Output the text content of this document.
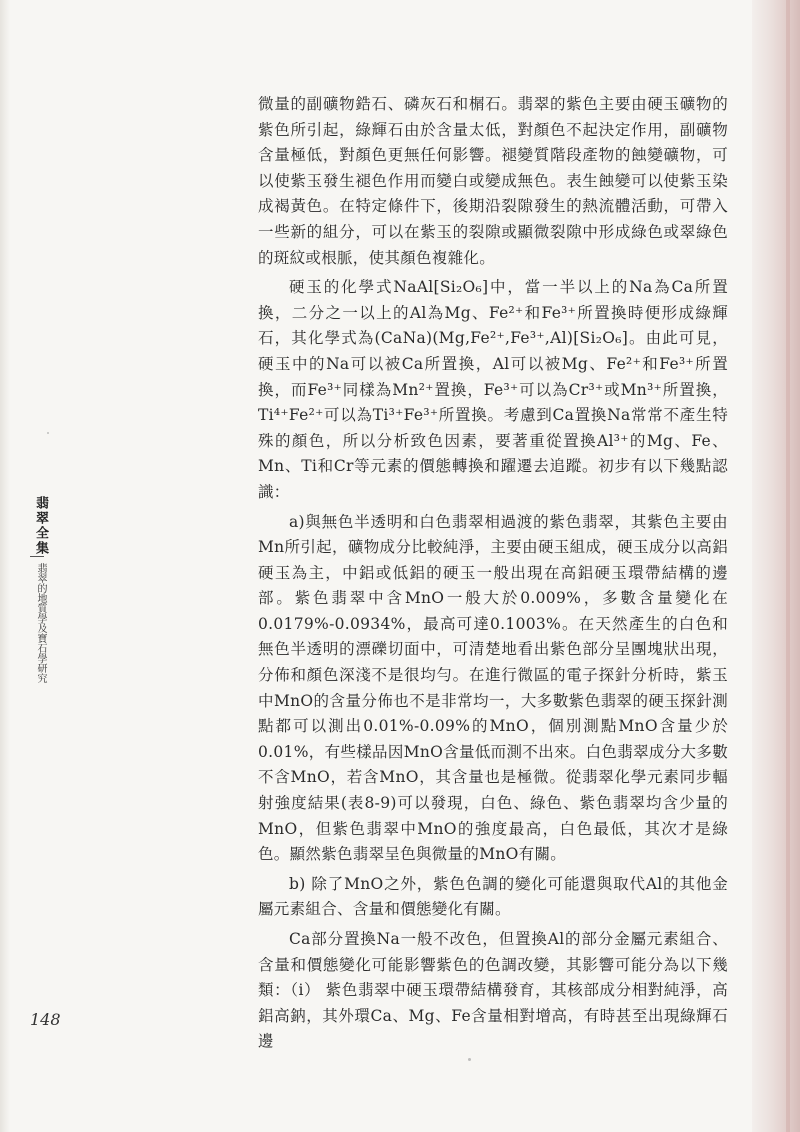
微量的副礦物鋯石、磷灰石和榍石。翡翠的紫色主要由硬玉礦物的紫色所引起，綠輝石由於含量太低，對顏色不起決定作用，副礦物含量極低，對顏色更無任何影響。褪變質階段產物的蝕變礦物，可以使紫玉發生褪色作用而變白或變成無色。表生蝕變可以使紫玉染成褐黃色。在特定條件下，後期沿裂隙發生的熱流體活動，可帶入一些新的組分，可以在紫玉的裂隙或顯微裂隙中形成綠色或翠綠色的斑紋或根脈，使其顏色複雜化。

硬玉的化學式NaAl[Si₂O₆]中，當一半以上的Na為Ca所置換，二分之一以上的Al為Mg、Fe²⁺和Fe³⁺所置換時便形成綠輝石，其化學式為(CaNa)(Mg,Fe²⁺,Fe³⁺,Al)[Si₂O₆]。由此可見，硬玉中的Na可以被Ca所置換，Al可以被Mg、Fe²⁺和Fe³⁺所置換，而Fe³⁺同樣為Mn²⁺置換，Fe³⁺可以為Cr³⁺或Mn³⁺所置換，Ti⁴⁺Fe²⁺可以為Ti³⁺Fe³⁺所置換。考慮到Ca置換Na常常不產生特殊的顏色，所以分析致色因素，要著重從置換Al³⁺的Mg、Fe、Mn、Ti和Cr等元素的價態轉換和躍遷去追蹤。初步有以下幾點認識：

a)與無色半透明和白色翡翠相過渡的紫色翡翠，其紫色主要由Mn所引起，礦物成分比較純淨，主要由硬玉組成，硬玉成分以高鋁硬玉為主，中鋁或低鋁的硬玉一般出現在高鋁硬玉環帶結構的邊部。紫色翡翠中含MnO一般大於0.009%，多數含量變化在0.0179%-0.0934%，最高可達0.1003%。在天然產生的白色和無色半透明的漂礫切面中，可清楚地看出紫色部分呈團塊狀出現，分佈和顏色深淺不是很均勻。在進行微區的電子探針分析時，紫玉中MnO的含量分佈也不是非常均一，大多數紫色翡翠的硬玉探針測點都可以測出0.01%-0.09%的MnO，個別測點MnO含量少於0.01%，有些樣品因MnO含量低而測不出來。白色翡翠成分大多數不含MnO，若含MnO，其含量也是極微。從翡翠化學元素同步輻射強度結果(表8-9)可以發現，白色、綠色、紫色翡翠均含少量的MnO，但紫色翡翠中MnO的強度最高，白色最低，其次才是綠色。顯然紫色翡翠呈色與微量的MnO有關。

b) 除了MnO之外，紫色色調的變化可能還與取代Al的其他金屬元素組合、含量和價態變化有關。

Ca部分置換Na一般不改色，但置換Al的部分金屬元素組合、含量和價態變化可能影響紫色的色調改變，其影響可能分為以下幾類：（i） 紫色翡翠中硬玉環帶結構發育，其核部成分相對純淨，高鋁高鈉，其外環Ca、Mg、Fe含量相對增高，有時甚至出現綠輝石邊

翡翠全集
翡翠的地質學及寶石學研究
148
